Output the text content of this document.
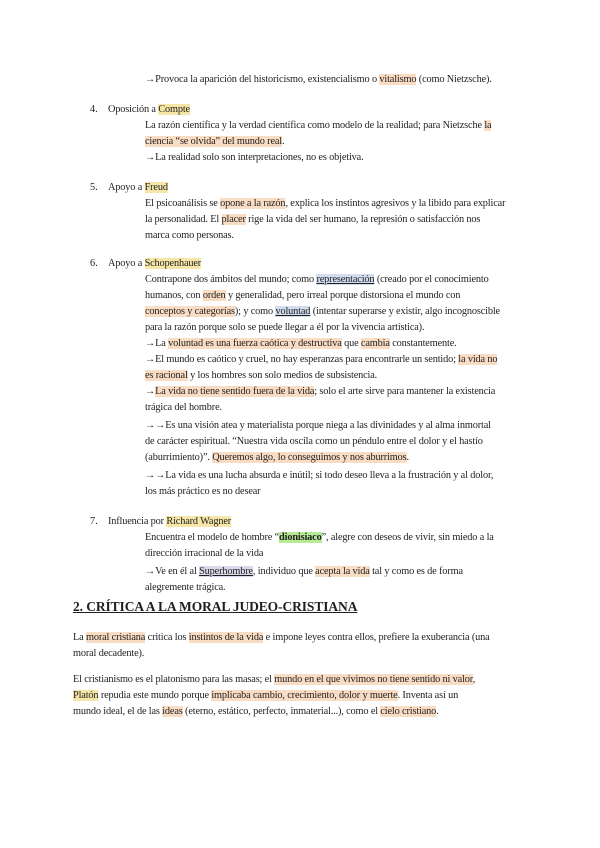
→Provoca la aparición del historicismo, existencialismo o vitalismo (como Nietzsche).
4. Oposición a Compte
La razón científica y la verdad científica como modelo de la realidad; para Nietzsche la
ciencia “se olvida” del mundo real.
→La realidad solo son interpretaciones, no es objetiva.
5. Apoyo a Freud
El psicoanálisis se opone a la razón, explica los instintos agresivos y la libido para explicar
la personalidad. El placer rige la vida del ser humano, la represión o satisfacción nos
marca como personas.
6. Apoyo a Schopenhauer
Contrapone dos ámbitos del mundo; como representación (creado por el conocimiento
humanos, con orden y generalidad, pero irreal porque distorsiona el mundo con
conceptos y categorías); y como voluntad (intentar superarse y existir, algo incognoscible
para la razón porque solo se puede llegar a él por la vivencia artística).
→La voluntad es una fuerza caótica y destructiva que cambia constantemente.
→El mundo es caótico y cruel, no hay esperanzas para encontrarle un sentido; la vida no
es racional y los hombres son solo medios de subsistencia.
→La vida no tiene sentido fuera de la vida; solo el arte sirve para mantener la existencia
trágica del hombre.
→→Es una visión atea y materialista porque niega a las divinidades y al alma inmortal
de carácter espiritual. “Nuestra vida oscila como un péndulo entre el dolor y el hastío
(aburrimiento)”. Queremos algo, lo conseguimos y nos aburrimos.
→→La vida es una lucha absurda e inútil; si todo deseo lleva a la frustración y al dolor,
los más práctico es no desear
7. Influencia por Richard Wagner
Encuentra el modelo de hombre “dionisiaco”, alegre con deseos de vivir, sin miedo a la
dirección irracional de la vida
→Ve en él al Superhombre, individuo que acepta la vida tal y como es de forma
alegremente trágica.
2. CRÍTICA A LA MORAL JUDEO-CRISTIANA
La moral cristiana critica los instintos de la vida e impone leyes contra ellos, prefiere la exuberancia (una
moral decadente).
El cristianismo es el platonismo para las masas; el mundo en el que vivimos no tiene sentido ni valor,
Platón repudia este mundo porque implicaba cambio, crecimiento, dolor y muerte. Inventa así un
mundo ideal, el de las ideas (eterno, estático, perfecto, inmaterial...), como el cielo cristiano.
